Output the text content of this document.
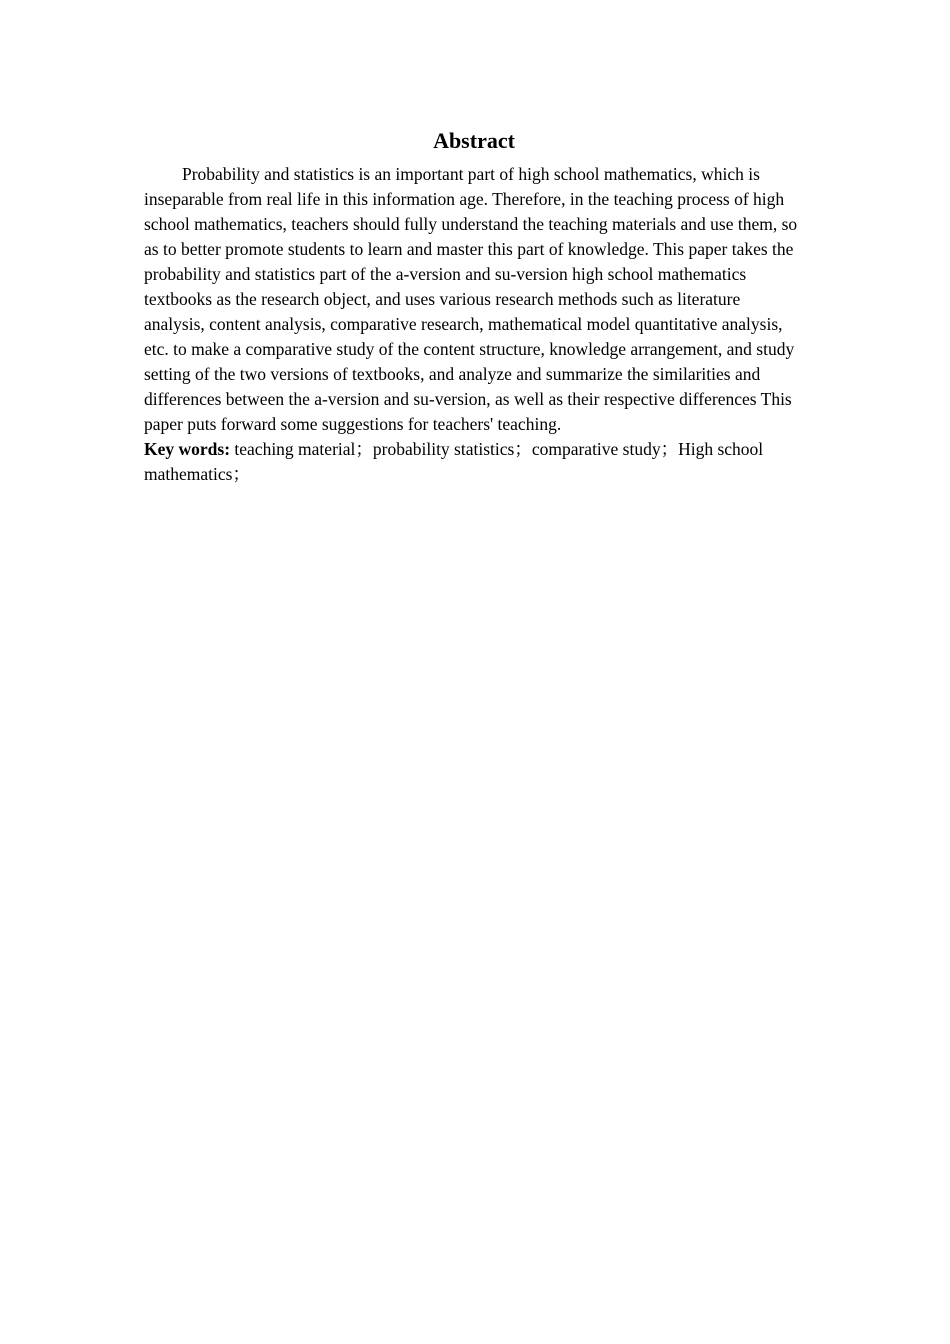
Abstract

Probability and statistics is an important part of high school mathematics, which is inseparable from real life in this information age. Therefore, in the teaching process of high school mathematics, teachers should fully understand the teaching materials and use them, so as to better promote students to learn and master this part of knowledge. This paper takes the probability and statistics part of the a-version and su-version high school mathematics textbooks as the research object, and uses various research methods such as literature analysis, content analysis, comparative research, mathematical model quantitative analysis, etc. to make a comparative study of the content structure, knowledge arrangement, and study setting of the two versions of textbooks, and analyze and summarize the similarities and differences between the a-version and su-version, as well as their respective differences This paper puts forward some suggestions for teachers' teaching.

Key words: teaching material；probability statistics；comparative study；High school mathematics；
